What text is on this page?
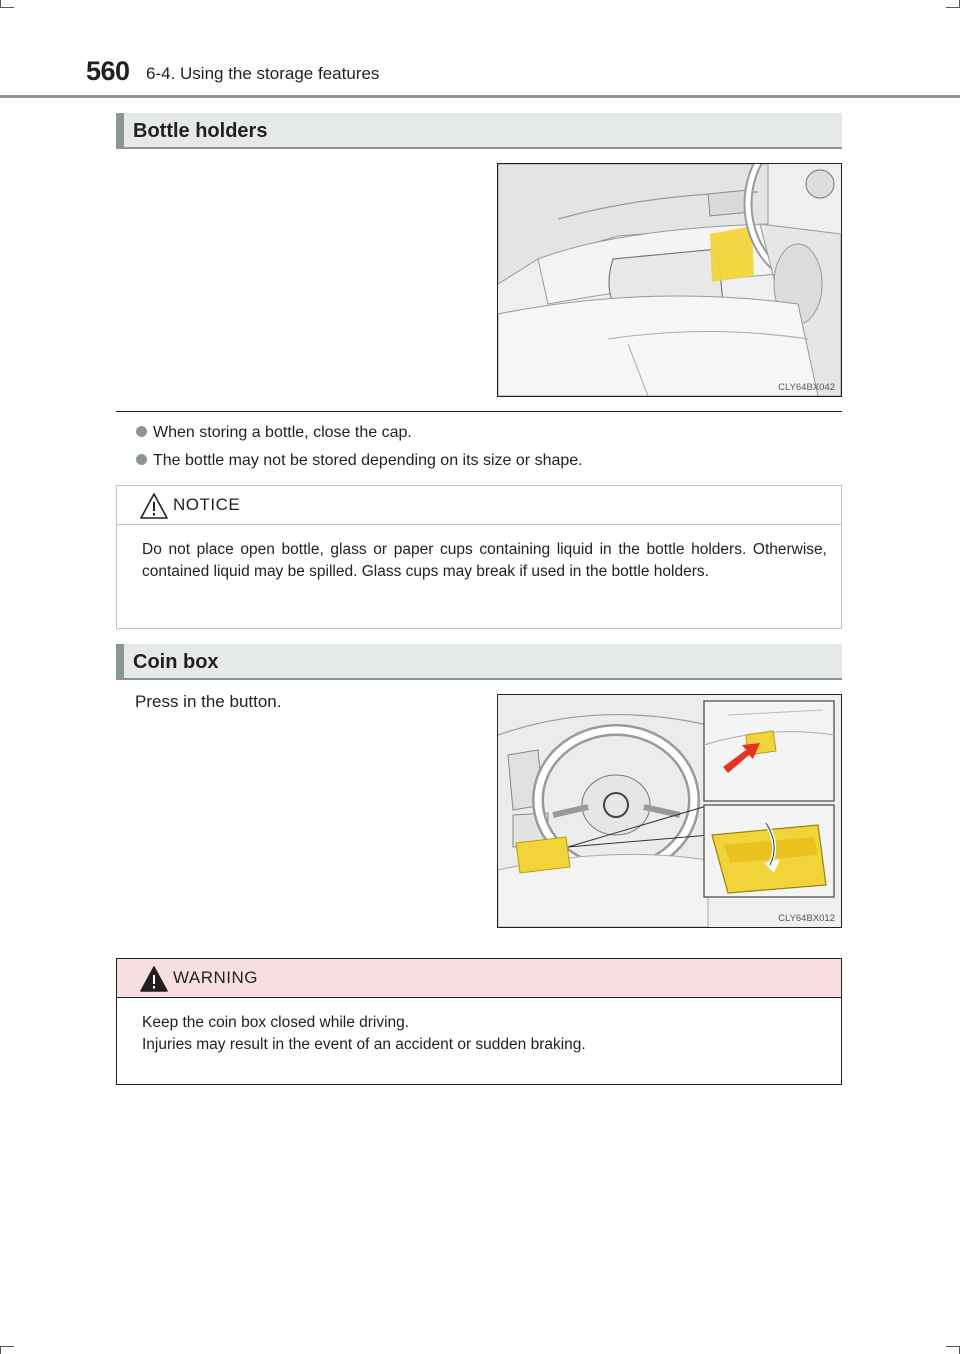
560 6-4. Using the storage features
Bottle holders
CLY64BX042
When storing a bottle, close the cap.
The bottle may not be stored depending on its size or shape.
NOTICE
Do not place open bottle, glass or paper cups containing liquid in the bottle holders. Otherwise, contained liquid may be spilled. Glass cups may break if used in the bottle holders.
Coin box
Press in the button.
CLY64BX012
WARNING
Keep the coin box closed while driving.
Injuries may result in the event of an accident or sudden braking.
